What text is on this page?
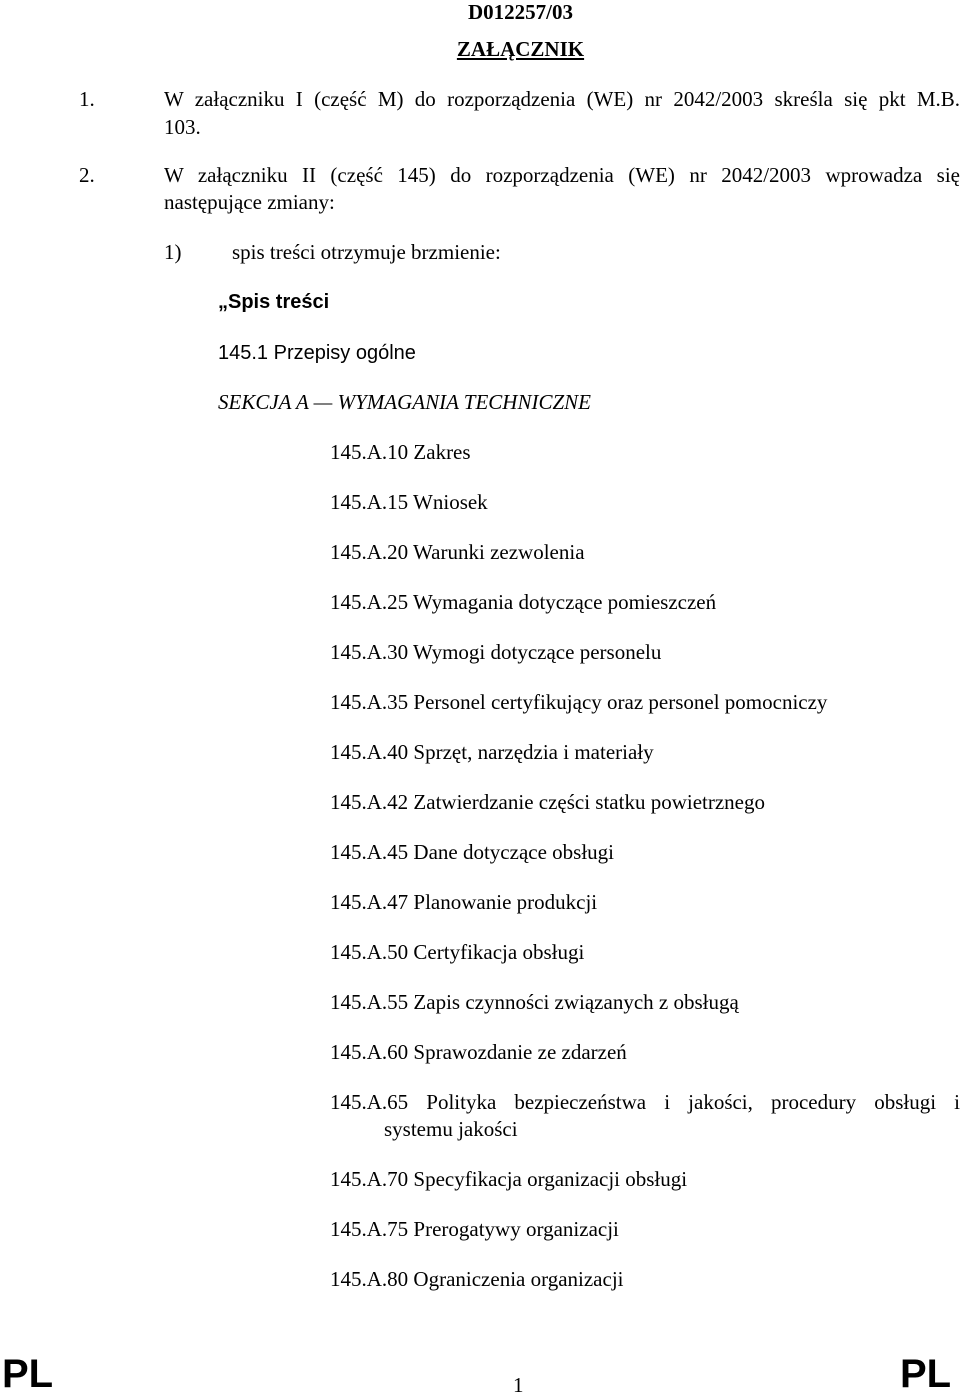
D012257/03
ZAŁĄCZNIK
1.	W załączniku I (część M) do rozporządzenia (WE) nr 2042/2003 skreśla się pkt M.B.
103.
2.	W załączniku II (część 145) do rozporządzenia (WE) nr 2042/2003 wprowadza się
następujące zmiany:
1) spis treści otrzymuje brzmienie:
„Spis treści
145.1 Przepisy ogólne
SEKCJA A — WYMAGANIA TECHNICZNE
145.A.10 Zakres
145.A.15 Wniosek
145.A.20 Warunki zezwolenia
145.A.25 Wymagania dotyczące pomieszczeń
145.A.30 Wymogi dotyczące personelu
145.A.35 Personel certyfikujący oraz personel pomocniczy
145.A.40 Sprzęt, narzędzia i materiały
145.A.42 Zatwierdzanie części statku powietrznego
145.A.45 Dane dotyczące obsługi
145.A.47 Planowanie produkcji
145.A.50 Certyfikacja obsługi
145.A.55 Zapis czynności związanych z obsługą
145.A.60 Sprawozdanie ze zdarzeń
145.A.65 Polityka bezpieczeństwa i jakości, procedury obsługi i
systemu jakości
145.A.70 Specyfikacja organizacji obsługi
145.A.75 Prerogatywy organizacji
145.A.80 Ograniczenia organizacji
PL	1	PL
